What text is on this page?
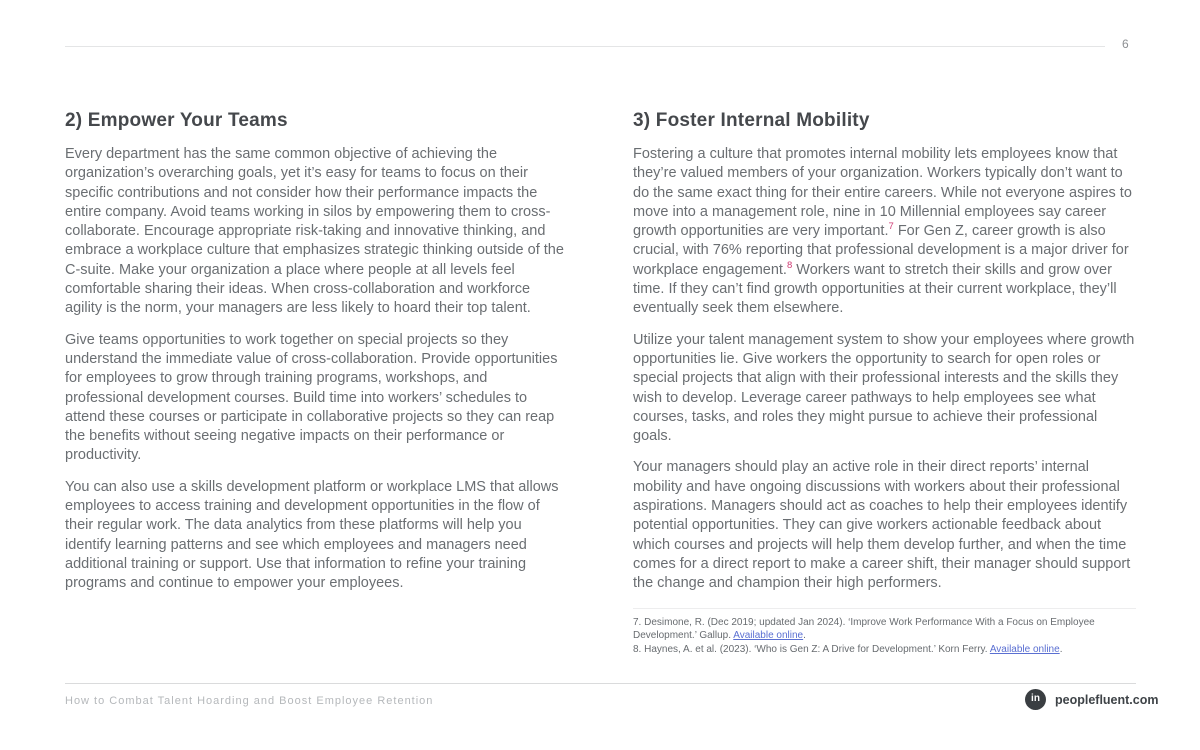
6
2) Empower Your Teams

Every department has the same common objective of achieving the organization’s overarching goals, yet it’s easy for teams to focus on their specific contributions and not consider how their performance impacts the entire company. Avoid teams working in silos by empowering them to cross-collaborate. Encourage appropriate risk-taking and innovative thinking, and embrace a workplace culture that emphasizes strategic thinking outside of the C-suite. Make your organization a place where people at all levels feel comfortable sharing their ideas. When cross-collaboration and workforce agility is the norm, your managers are less likely to hoard their top talent.

Give teams opportunities to work together on special projects so they understand the immediate value of cross-collaboration. Provide opportunities for employees to grow through training programs, workshops, and professional development courses. Build time into workers’ schedules to attend these courses or participate in collaborative projects so they can reap the benefits without seeing negative impacts on their performance or productivity.

You can also use a skills development platform or workplace LMS that allows employees to access training and development opportunities in the flow of their regular work. The data analytics from these platforms will help you identify learning patterns and see which employees and managers need additional training or support. Use that information to refine your training programs and continue to empower your employees.

3) Foster Internal Mobility

Fostering a culture that promotes internal mobility lets employees know that they’re valued members of your organization. Workers typically don’t want to do the same exact thing for their entire careers. While not everyone aspires to move into a management role, nine in 10 Millennial employees say career growth opportunities are very important.$^7$ For Gen Z, career growth is also crucial, with 76% reporting that professional development is a major driver for workplace engagement.$^8$ Workers want to stretch their skills and grow over time. If they can’t find growth opportunities at their current workplace, they’ll eventually seek them elsewhere.

Utilize your talent management system to show your employees where growth opportunities lie. Give workers the opportunity to search for open roles or special projects that align with their professional interests and the skills they wish to develop. Leverage career pathways to help employees see what courses, tasks, and roles they might pursue to achieve their professional goals.

Your managers should play an active role in their direct reports’ internal mobility and have ongoing discussions with workers about their professional aspirations. Managers should act as coaches to help their employees identify potential opportunities. They can give workers actionable feedback about which courses and projects will help them develop further, and when the time comes for a direct report to make a career shift, their manager should support the change and champion their high performers.

7. Desimone, R. (Dec 2019; updated Jan 2024). ‘Improve Work Performance With a Focus on Employee Development.’ Gallup. Available online.

8. Haynes, A. et al. (2023). ‘Who is Gen Z: A Drive for Development.’ Korn Ferry. Available online.

How to Combat Talent Hoarding and Boost Employee Retention	in	peoplefluent.com
